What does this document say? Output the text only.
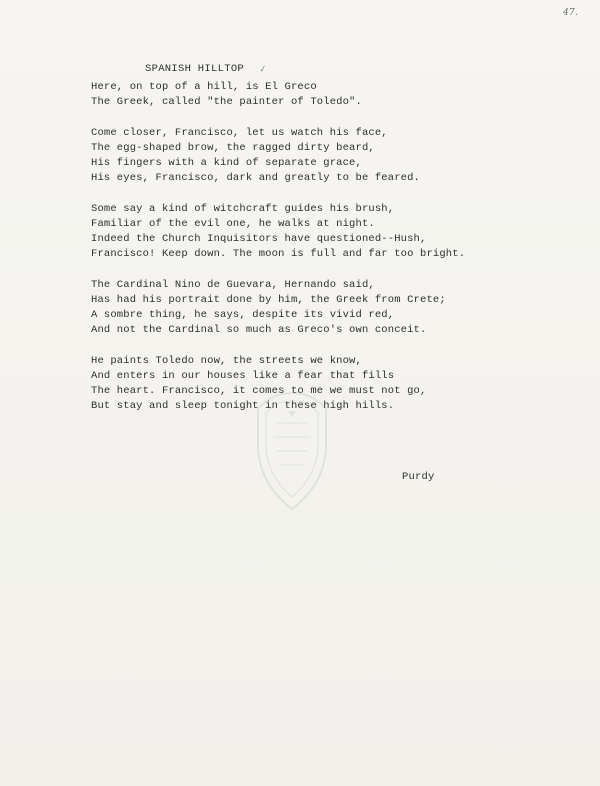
47.
SPANISH HILLTOP ✓
Here, on top of a hill, is El Greco
The Greek, called "the painter of Toledo".
Come closer, Francisco, let us watch his face,
The egg-shaped brow, the ragged dirty beard,
His fingers with a kind of separate grace,
His eyes, Francisco, dark and greatly to be feared.
Some say a kind of witchcraft guides his brush,
Familiar of the evil one, he walks at night.
Indeed the Church Inquisitors have questioned--Hush,
Francisco! Keep down. The moon is full and far too bright.
The Cardinal Nino de Guevara, Hernando said,
Has had his portrait done by him, the Greek from Crete;
A sombre thing, he says, despite its vivid red,
And not the Cardinal so much as Greco's own conceit.
He paints Toledo now, the streets we know,
And enters in our houses like a fear that fills
The heart. Francisco, it comes to me we must not go,
But stay and sleep tonight in these high hills.
Purdy
